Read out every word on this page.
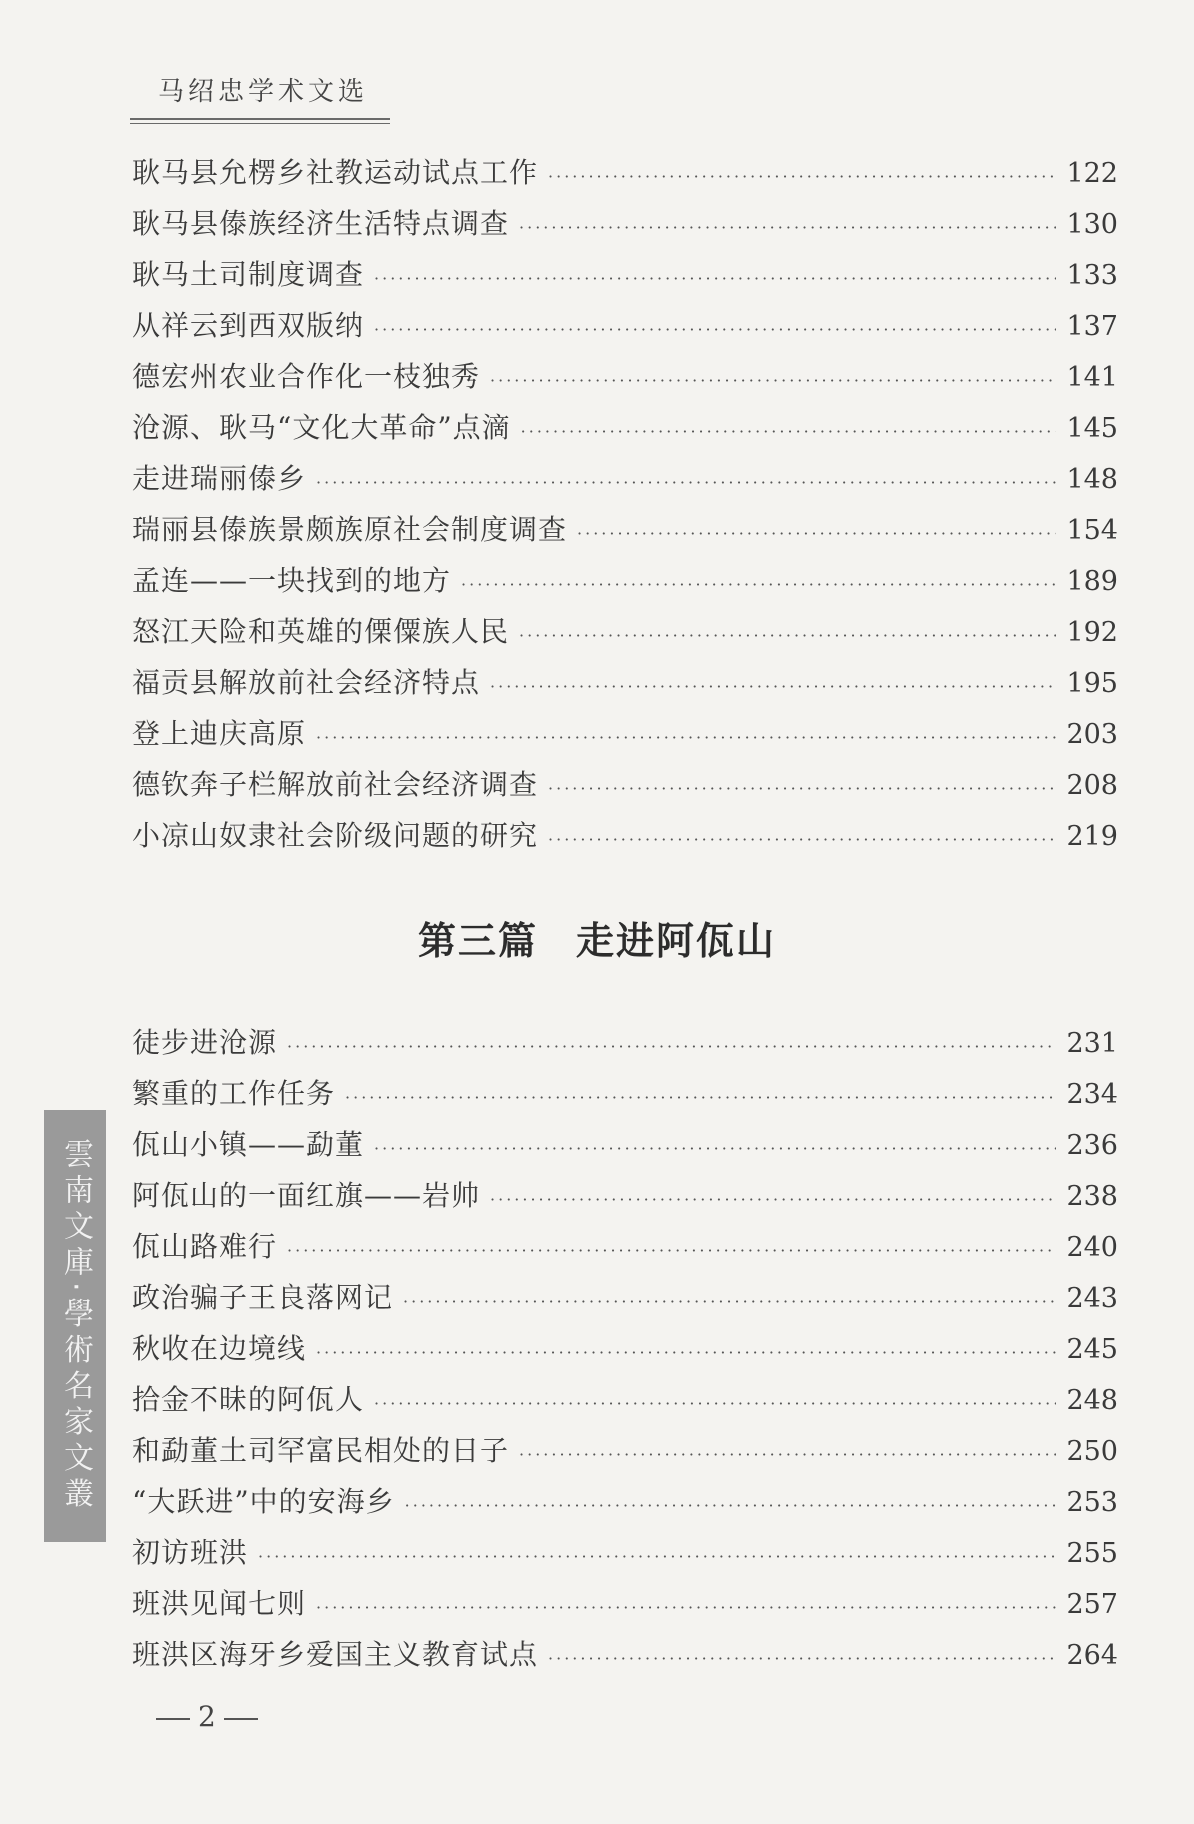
马绍忠学术文选
耿马县允楞乡社教运动试点工作 ·····	122
耿马县傣族经济生活特点调查 ·····	130
耿马土司制度调查 ·····	133
从祥云到西双版纳 ·····	137
德宏州农业合作化一枝独秀 ·····	141
沧源、耿马“文化大革命”点滴 ·····	145
走进瑞丽傣乡 ·····	148
瑞丽县傣族景颇族原社会制度调查 ·····	154
孟连——一块找到的地方 ·····	189
怒江天险和英雄的傈僳族人民 ·····	192
福贡县解放前社会经济特点 ·····	195
登上迪庆高原 ·····	203
德钦奔子栏解放前社会经济调查 ·····	208
小凉山奴隶社会阶级问题的研究 ·····	219
第三篇 走进阿佤山
徒步进沧源 ·····	231
繁重的工作任务 ·····	234
佤山小镇——勐董 ·····	236
阿佤山的一面红旗——岩帅 ·····	238
佤山路难行 ·····	240
政治骗子王良落网记 ·····	243
秋收在边境线 ·····	245
拾金不昧的阿佤人 ·····	248
和勐董土司罕富民相处的日子 ·····	250
“大跃进”中的安海乡 ·····	253
初访班洪 ·····	255
班洪见闻七则 ·····	257
班洪区海牙乡爱国主义教育试点 ·····	264
雲南文庫·學術名家文叢
2
